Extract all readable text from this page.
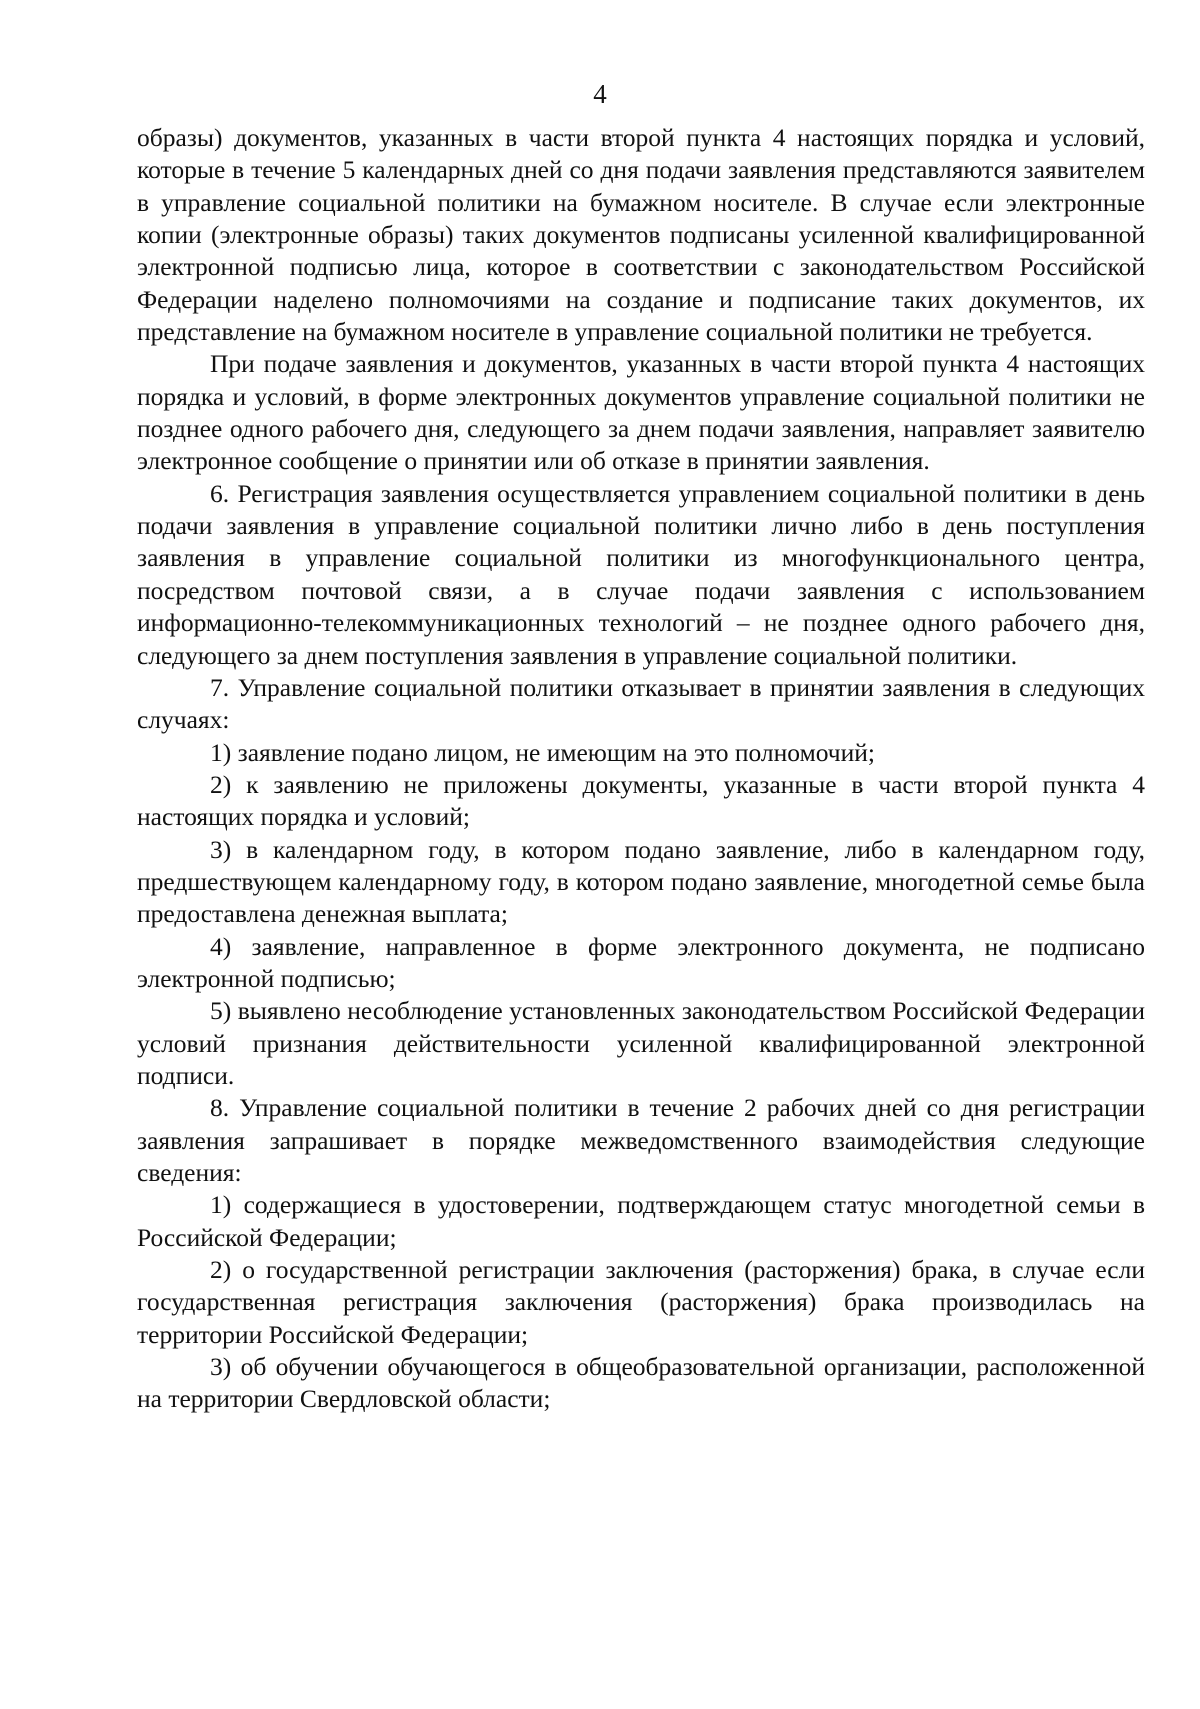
4

образы) документов, указанных в части второй пункта 4 настоящих порядка и условий, которые в течение 5 календарных дней со дня подачи заявления представляются заявителем в управление социальной политики на бумажном носителе. В случае если электронные копии (электронные образы) таких документов подписаны усиленной квалифицированной электронной подписью лица, которое в соответствии с законодательством Российской Федерации наделено полномочиями на создание и подписание таких документов, их представление на бумажном носителе в управление социальной политики не требуется.

При подаче заявления и документов, указанных в части второй пункта 4 настоящих порядка и условий, в форме электронных документов управление социальной политики не позднее одного рабочего дня, следующего за днем подачи заявления, направляет заявителю электронное сообщение о принятии или об отказе в принятии заявления.

6. Регистрация заявления осуществляется управлением социальной политики в день подачи заявления в управление социальной политики лично либо в день поступления заявления в управление социальной политики из многофункционального центра, посредством почтовой связи, а в случае подачи заявления с использованием информационно-телекоммуникационных технологий – не позднее одного рабочего дня, следующего за днем поступления заявления в управление социальной политики.

7. Управление социальной политики отказывает в принятии заявления в следующих случаях:

1) заявление подано лицом, не имеющим на это полномочий;

2) к заявлению не приложены документы, указанные в части второй пункта 4 настоящих порядка и условий;

3) в календарном году, в котором подано заявление, либо в календарном году, предшествующем календарному году, в котором подано заявление, многодетной семье была предоставлена денежная выплата;

4) заявление, направленное в форме электронного документа, не подписано электронной подписью;

5) выявлено несоблюдение установленных законодательством Российской Федерации условий признания действительности усиленной квалифицированной электронной подписи.

8. Управление социальной политики в течение 2 рабочих дней со дня регистрации заявления запрашивает в порядке межведомственного взаимодействия следующие сведения:

1) содержащиеся в удостоверении, подтверждающем статус многодетной семьи в Российской Федерации;

2) о государственной регистрации заключения (расторжения) брака, в случае если государственная регистрация заключения (расторжения) брака производилась на территории Российской Федерации;

3) об обучении обучающегося в общеобразовательной организации, расположенной на территории Свердловской области;
